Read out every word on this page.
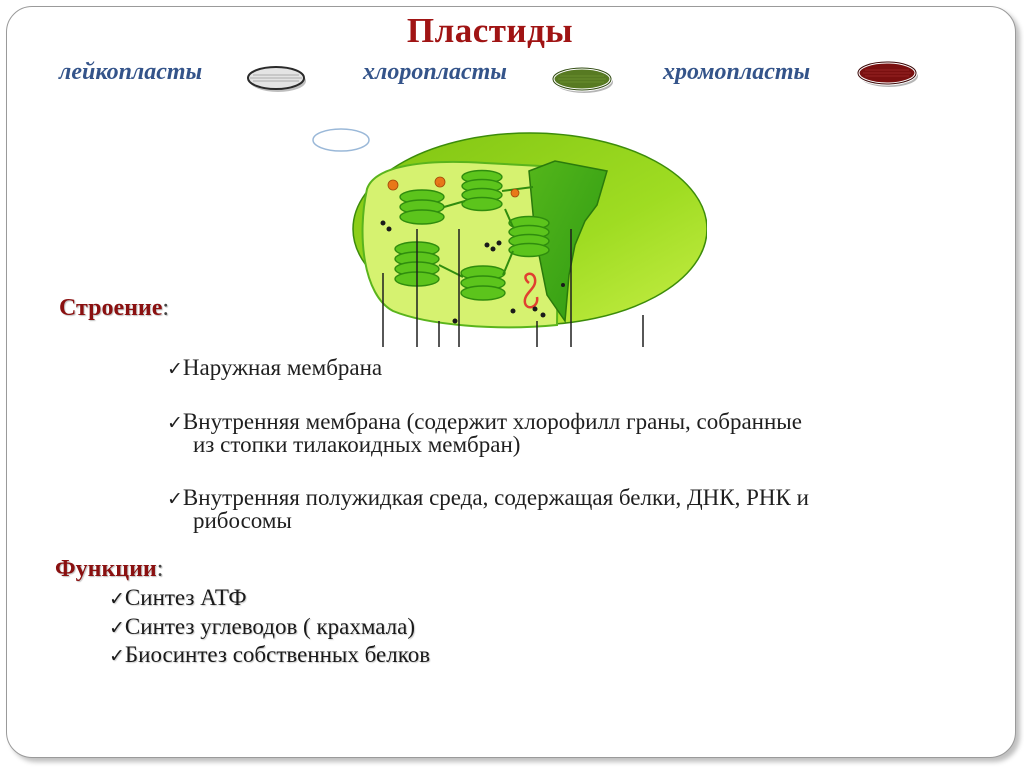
Пластиды
лейкопласты	хлоропласты	хромопласты
Строение:
✓Наружная мембрана
✓Внутренняя мембрана (содержит хлорофилл граны, собранные
из стопки тилакоидных мембран)
✓Внутренняя полужидкая среда, содержащая белки, ДНК, РНК и
рибосомы
Функции:
✓Синтез АТФ
✓Синтез углеводов ( крахмала)
✓Биосинтез собственных белков
